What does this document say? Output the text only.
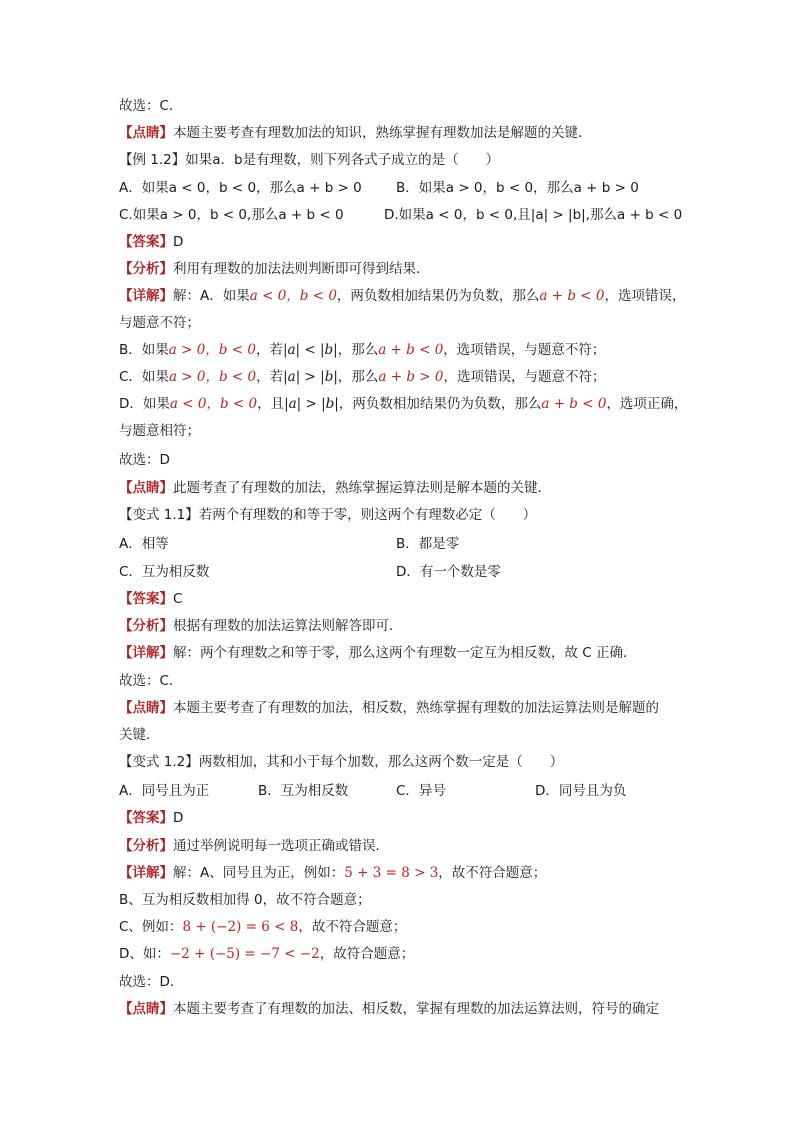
故选：C．
【点睛】本题主要考查有理数加法的知识，熟练掌握有理数加法是解题的关键．
【例 1.2】如果a．b是有理数，则下列各式子成立的是（　　）
A．如果a < 0，b < 0，那么a + b > 0	B．如果a > 0，b < 0，那么a + b > 0
C.如果a > 0，b < 0,那么a + b < 0	D.如果a < 0，b < 0,且|a| > |b|,那么a + b < 0
【答案】D
【分析】利用有理数的加法法则判断即可得到结果．
【详解】解：A．如果a < 0，b < 0，两负数相加结果仍为负数，那么a + b < 0，选项错误，
与题意不符；
B．如果a > 0，b < 0，若|a| < |b|，那么a + b < 0，选项错误，与题意不符；
C．如果a > 0，b < 0，若|a| > |b|，那么a + b > 0，选项错误，与题意不符；
D．如果a < 0，b < 0，且|a| > |b|，两负数相加结果仍为负数，那么a + b < 0，选项正确，
与题意相符；
故选：D
【点睛】此题考查了有理数的加法，熟练掌握运算法则是解本题的关键．
【变式 1.1】若两个有理数的和等于零，则这两个有理数必定（　　）
A．相等	B．都是零
C．互为相反数	D．有一个数是零
【答案】C
【分析】根据有理数的加法运算法则解答即可．
【详解】解：两个有理数之和等于零，那么这两个有理数一定互为相反数，故 C 正确．
故选：C．
【点睛】本题主要考查了有理数的加法，相反数，熟练掌握有理数的加法运算法则是解题的
关键．
【变式 1.2】两数相加，其和小于每个加数，那么这两个数一定是（　　）
A．同号且为正	B．互为相反数	C．异号	D．同号且为负
【答案】D
【分析】通过举例说明每一选项正确或错误．
【详解】解：A、同号且为正，例如：5 + 3 = 8 > 3，故不符合题意；
B、互为相反数相加得 0，故不符合题意；
C、例如：8 + (−2) = 6 < 8，故不符合题意；
D、如：−2 + (−5) = −7 < −2，故符合题意；
故选：D．
【点睛】本题主要考查了有理数的加法、相反数，掌握有理数的加法运算法则，符号的确定
